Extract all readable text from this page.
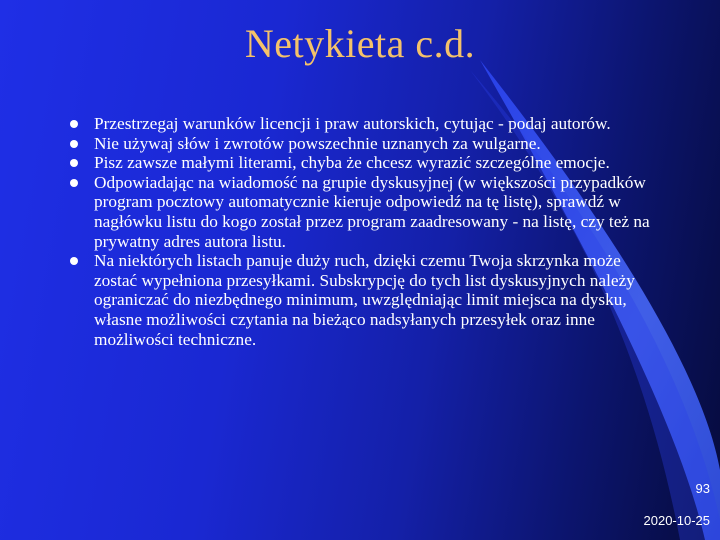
Netykieta c.d.
Przestrzegaj warunków licencji i praw autorskich, cytując - podaj autorów.
Nie używaj słów i zwrotów powszechnie uznanych za wulgarne.
Pisz zawsze małymi literami, chyba że chcesz wyrazić szczególne emocje.
Odpowiadając na wiadomość na grupie dyskusyjnej (w większości przypadków program pocztowy automatycznie kieruje odpowiedź na tę listę), sprawdź w nagłówku listu do kogo został przez program zaadresowany - na listę, czy też na prywatny adres autora listu.
Na niektórych listach panuje duży ruch, dzięki czemu Twoja skrzynka może zostać wypełniona przesyłkami. Subskrypcję do tych list dyskusyjnych należy ograniczać do niezbędnego minimum, uwzględniając limit miejsca na dysku, własne możliwości czytania na bieżąco nadsyłanych przesyłek oraz inne możliwości techniczne.
93
2020-10-25
